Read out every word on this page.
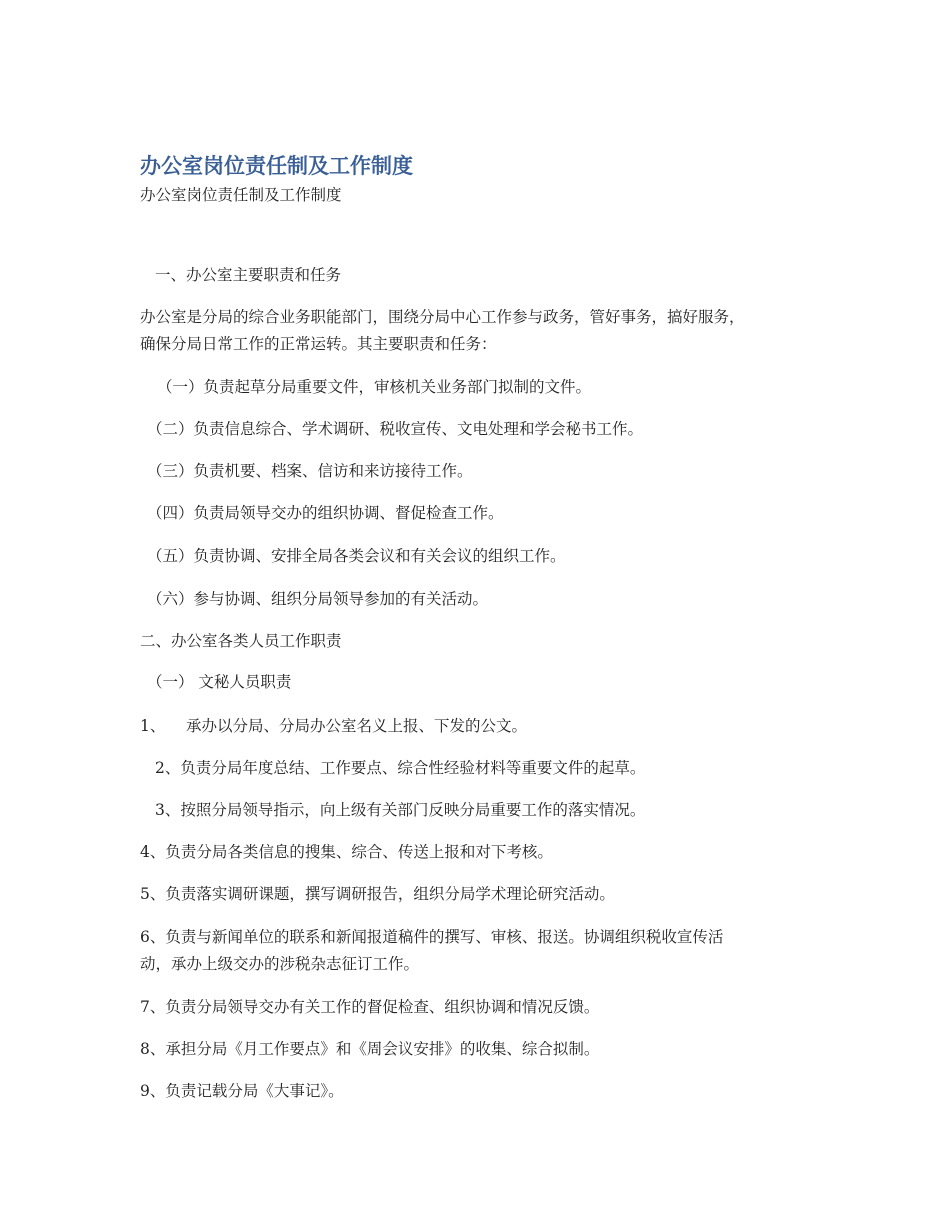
办公室岗位责任制及工作制度
办公室岗位责任制及工作制度
一、办公室主要职责和任务
办公室是分局的综合业务职能部门，围绕分局中心工作参与政务，管好事务，搞好服务，
确保分局日常工作的正常运转。其主要职责和任务：
（一）负责起草分局重要文件，审核机关业务部门拟制的文件。
（二）负责信息综合、学术调研、税收宣传、文电处理和学会秘书工作。
（三）负责机要、档案、信访和来访接待工作。
（四）负责局领导交办的组织协调、督促检查工作。
（五）负责协调、安排全局各类会议和有关会议的组织工作。
（六）参与协调、组织分局领导参加的有关活动。
二、办公室各类人员工作职责
（一） 文秘人员职责
1、 承办以分局、分局办公室名义上报、下发的公文。
2、负责分局年度总结、工作要点、综合性经验材料等重要文件的起草。
3、按照分局领导指示，向上级有关部门反映分局重要工作的落实情况。
4、负责分局各类信息的搜集、综合、传送上报和对下考核。
5、负责落实调研课题，撰写调研报告，组织分局学术理论研究活动。
6、负责与新闻单位的联系和新闻报道稿件的撰写、审核、报送。协调组织税收宣传活
动，承办上级交办的涉税杂志征订工作。
7、负责分局领导交办有关工作的督促检查、组织协调和情况反馈。
8、承担分局《月工作要点》和《周会议安排》的收集、综合拟制。
9、负责记载分局《大事记》。
